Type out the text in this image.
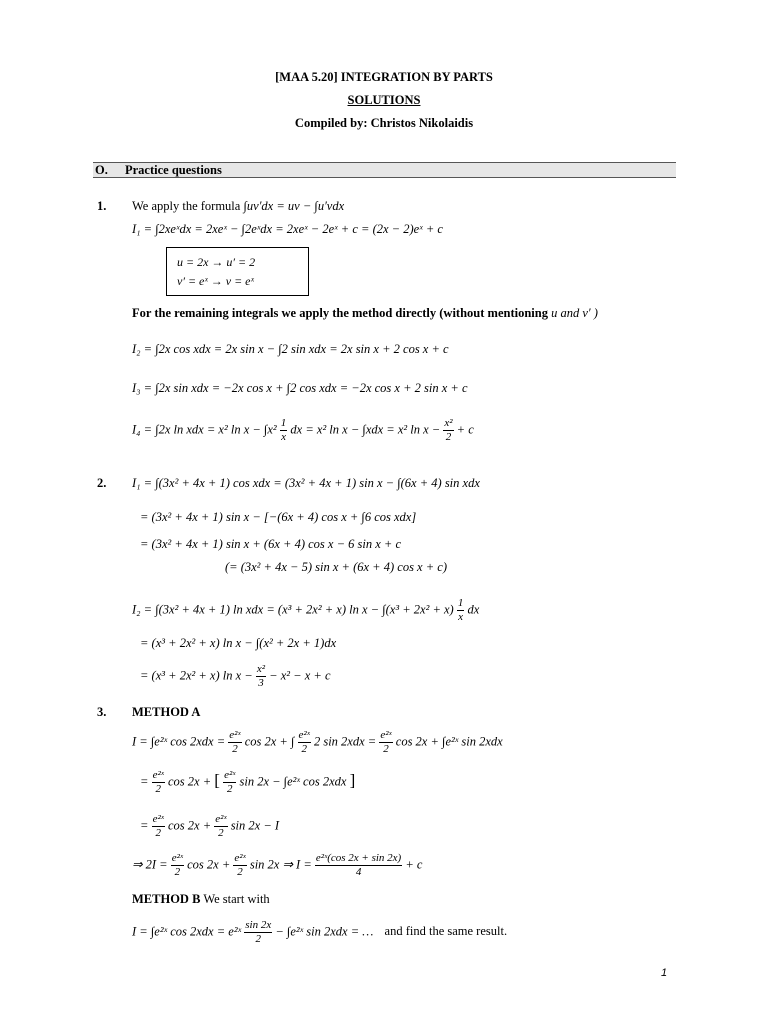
[MAA 5.20] INTEGRATION BY PARTS
SOLUTIONS
Compiled by: Christos Nikolaidis
O. Practice questions
1. We apply the formula ∫uv′dx = uv − ∫u′vdx
I₁ = ∫2xeˣdx = 2xeˣ − ∫2eˣdx = 2xeˣ − 2eˣ + c = (2x − 2)eˣ + c
u = 2x → u′ = 2
v′ = eˣ → v = eˣ
For the remaining integrals we apply the method directly (without mentioning u and v′ )
I₂ = ∫2x cos xdx = 2x sin x − ∫2 sin xdx = 2x sin x + 2 cos x + c
I₃ = ∫2x sin xdx = −2x cos x + ∫2 cos xdx = −2x cos x + 2 sin x + c
I₄ = ∫2x ln xdx = x² $\ln x - \int x^2 \frac{1}{x}$ dx = x² ln x − ∫xdx = x² $\ln x - \frac{\text{x²}}{2} + c$
2. I₁ = ∫(3x² + 4x + 1) cos xdx = (3x² + 4x + 1) sin x − ∫(6x + 4) sin xdx
= (3x² + 4x + 1) sin x − [−(6x + 4) cos x + ∫6 cos xdx]
= (3x² + 4x + 1) sin x + (6x + 4) cos x − 6 sin x + c
(= (3x² + 4x − 5) sin x + (6x + 4) cos x + c)
I₂ = ∫(3x² + 4x + 1) ln xdx = (x³ + 2x² + x) $\ln x - \int(x^3 + 2x^2 + x) \frac{1}{x}$ dx
= (x³ + 2x² + x) ln x − ∫(x² + 2x + 1)dx
= (x³ + 2x² + x) $\ln x - \frac{\text{x²}}{3} - x^2 - x + c$
3. METHOD A
I = ∫e²ˣ $\cos 2xdx = \frac{\text{e²ˣ}}{2}$ cos 2x + ∫ $\frac{\text{e²ˣ}}{2} 2$ $\sin 2xdx = \frac{\text{e²ˣ}}{2}$ cos 2x + ∫e²ˣ sin 2xdx
= $\frac{\text{e²ˣ}}{2}$ cos 2x + [ $\frac{\text{e²ˣ}}{2}$ sin 2x − ∫e²ˣ cos 2xdx ]
= $\frac{\text{e²ˣ}}{2}$ $\cos 2x + \frac{\text{e²ˣ}}{2}$ sin 2x − I
⇒ $2I = \frac{\text{e²ˣ}}{2}$ $\cos 2x + \frac{\text{e²ˣ}}{2}$ sin 2x ⇒ $I = \frac{\text{e²ˣ(cos 2x + sin 2x)}}{4} + c$
METHOD B We start with
I = ∫e²ˣ cos 2xdx = e²ˣ $\frac{\sin 2x}{2}$ − ∫e²ˣ sin 2xdx = … and find the same result.
1
